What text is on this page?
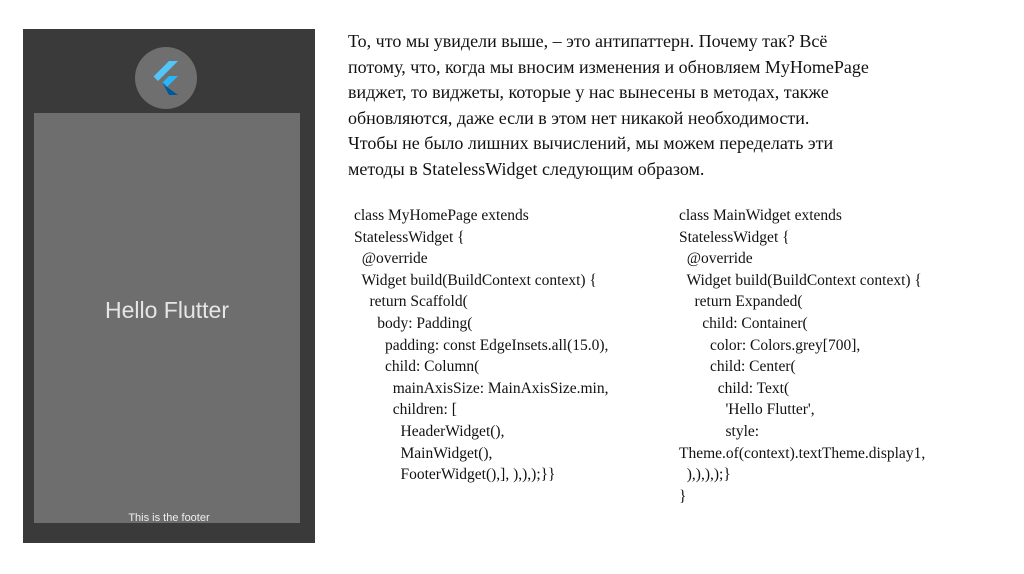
Hello Flutter
This is the footer

То, что мы увидели выше, – это антипаттерн. Почему так? Всё
потому, что, когда мы вносим изменения и обновляем MyHomePage
виджет, то виджеты, которые у нас вынесены в методах, также
обновляются, даже если в этом нет никакой необходимости.
Чтобы не было лишних вычислений, мы можем переделать эти
методы в StatelessWidget следующим образом.

class MyHomePage extends
StatelessWidget {
@override
Widget build(BuildContext context) {
return Scaffold(
body: Padding(
padding: const EdgeInsets.all(15.0),
child: Column(
mainAxisSize: MainAxisSize.min,
children: [
HeaderWidget(),
MainWidget(),
FooterWidget(),], ),),);}}
class MainWidget extends
StatelessWidget {
@override
Widget build(BuildContext context) {
return Expanded(
child: Container(
color: Colors.grey[700],
child: Center(
child: Text(
'Hello Flutter',
style:
Theme.of(context).textTheme.display1,
),),),);}
}
